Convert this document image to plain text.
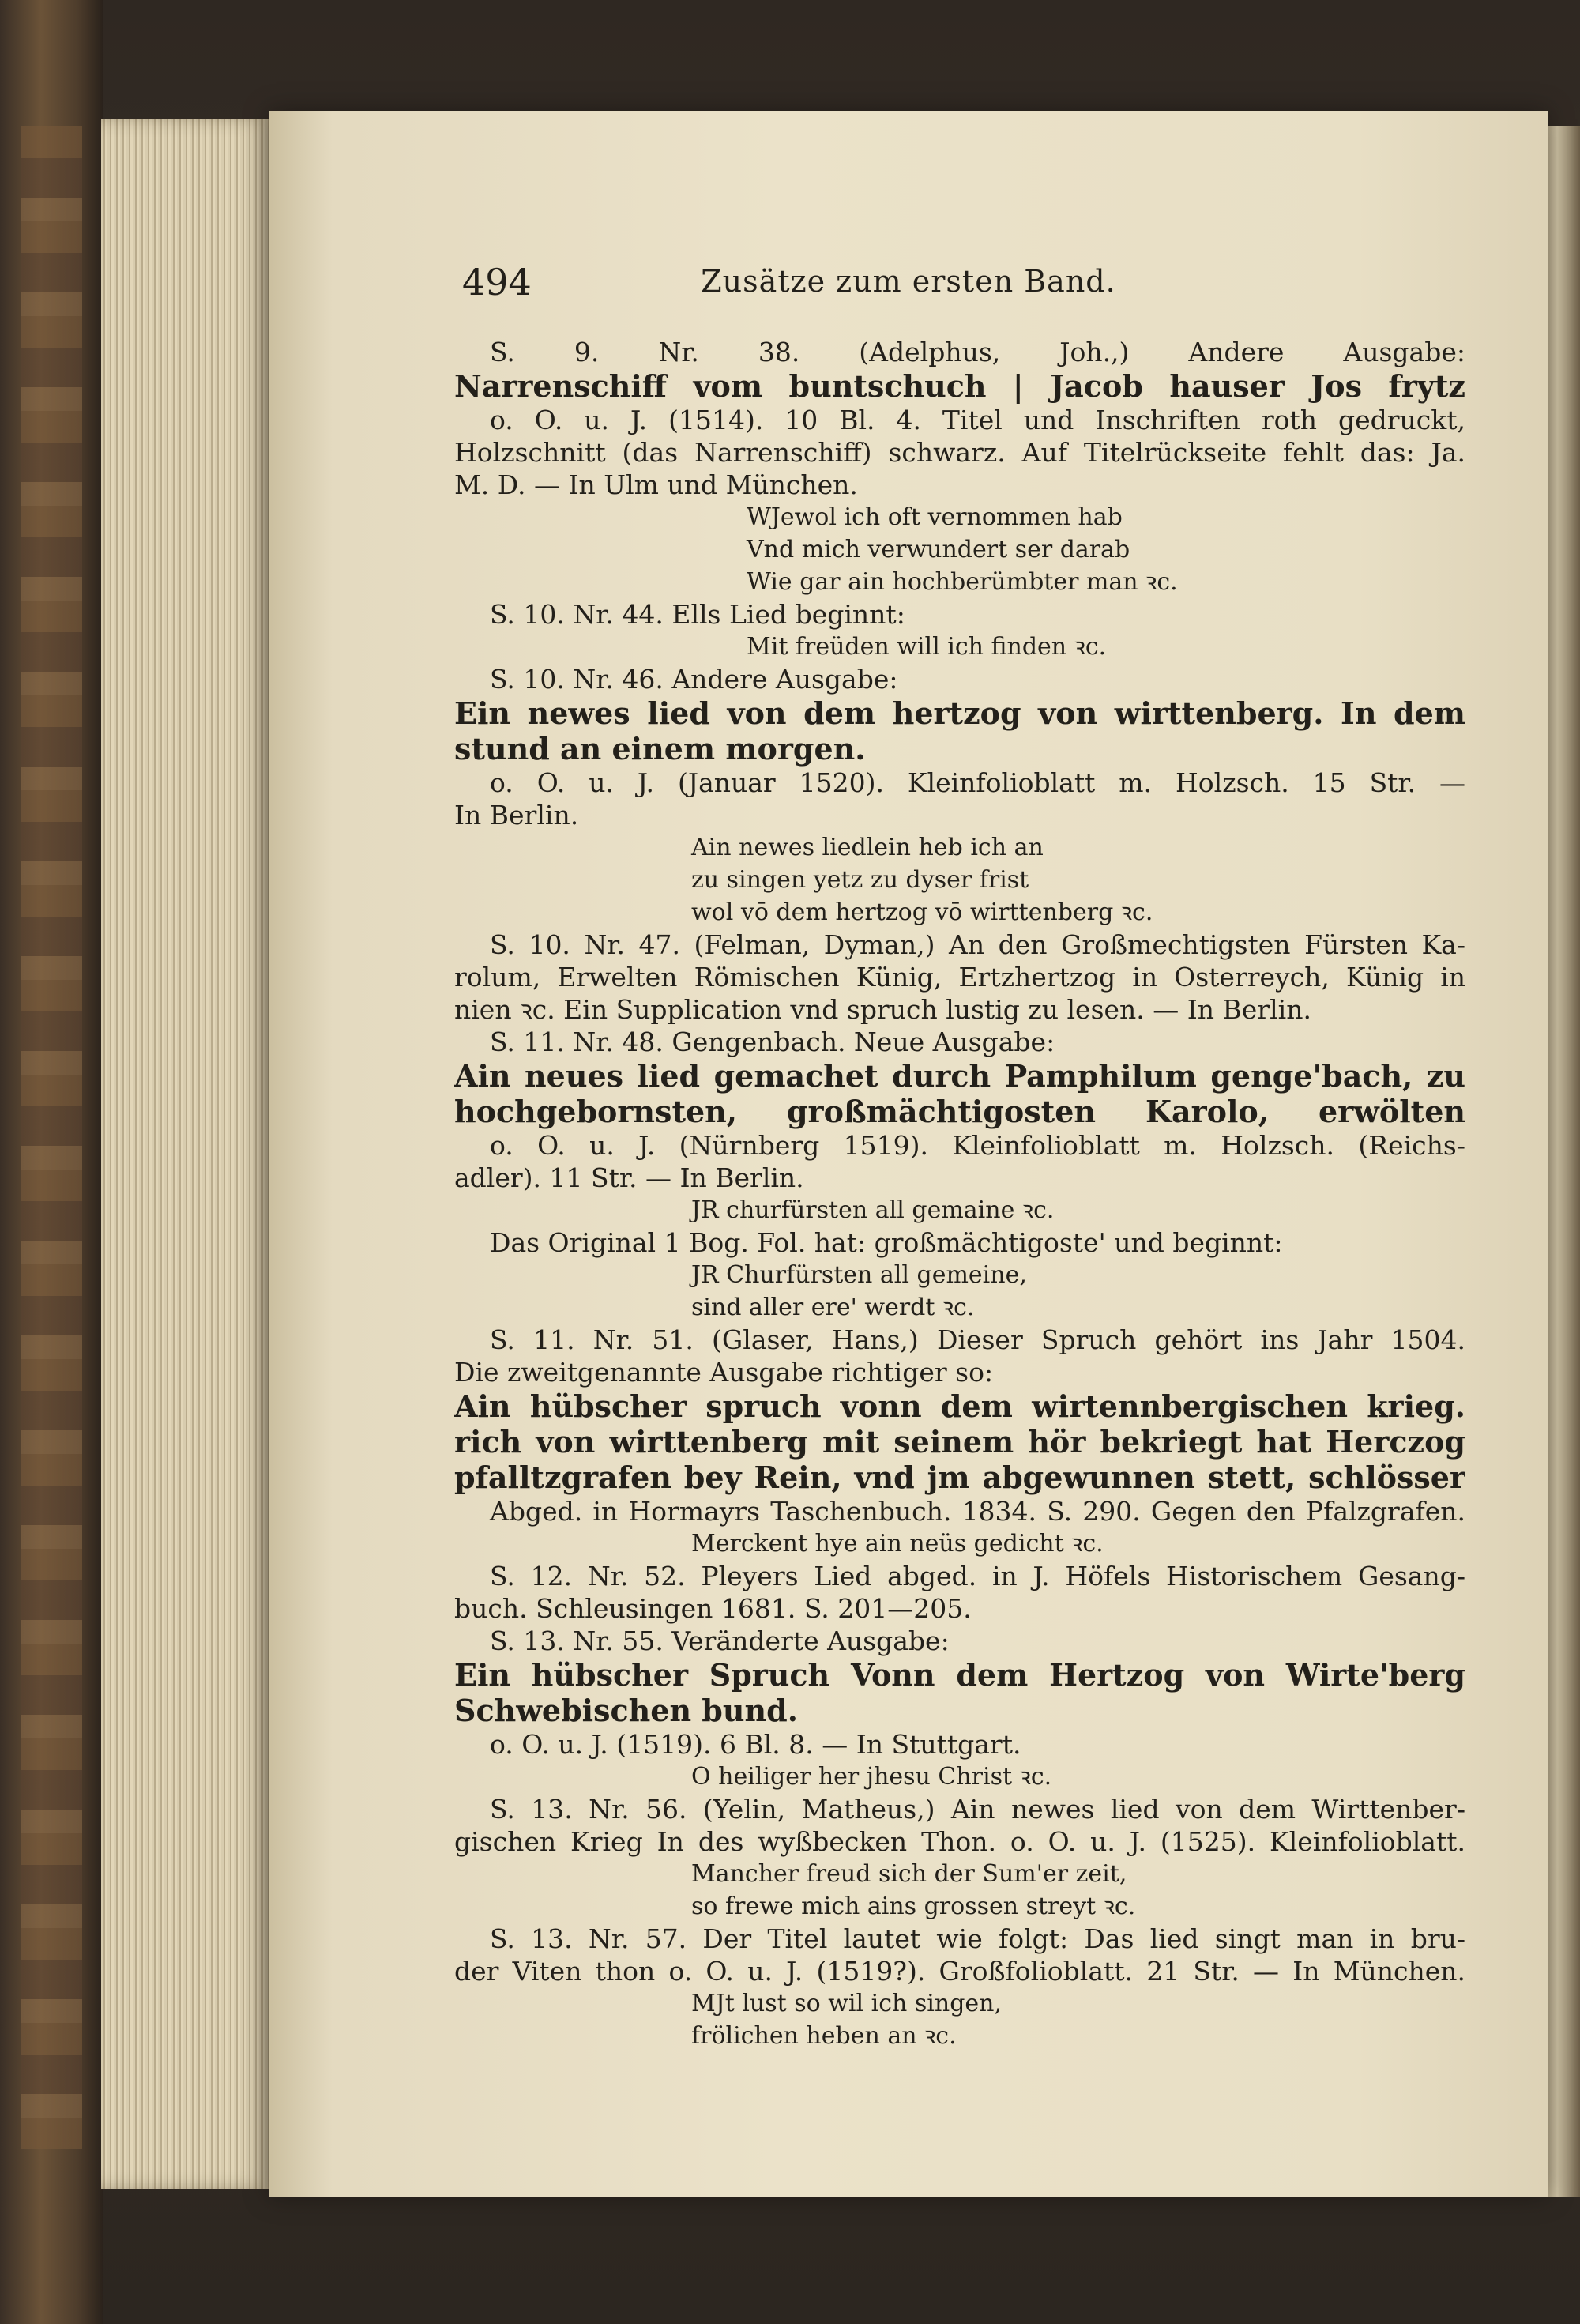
494	Zusätze zum ersten Band.

S. 9. Nr. 38. (Adelphus, Joh.,) Andere Ausgabe:

Narrenschiff vom buntschuch | Jacob hauser Jos frytz

o. O. u. J. (1514). 10 Bl. 4. Titel und Inschriften roth gedruckt,

Holzschnitt (das Narrenschiff) schwarz. Auf Titelrückseite fehlt das: Ja.

M. D. — In Ulm und München.

WJewol ich oft vernommen hab

Vnd mich verwundert ser darab

Wie gar ain hochberümbter man ꝛc.

S. 10. Nr. 44. Ells Lied beginnt:

Mit freüden will ich finden ꝛc.

S. 10. Nr. 46. Andere Ausgabe:

Ein newes lied von dem hertzog von wirttenberg. In dem

stund an einem morgen.

o. O. u. J. (Januar 1520). Kleinfolioblatt m. Holzsch. 15 Str. —

In Berlin.

Ain newes liedlein heb ich an

zu singen yetz zu dyser frist

wol vō dem hertzog vō wirttenberg ꝛc.

S. 10. Nr. 47. (Felman, Dyman,) An den Großmechtigsten Fürsten Ka-

rolum, Erwelten Römischen Künig, Ertzhertzog in Osterreych, Künig in

nien ꝛc. Ein Supplication vnd spruch lustig zu lesen. — In Berlin.

S. 11. Nr. 48. Gengenbach. Neue Ausgabe:

Ain neues lied gemachet durch Pamphilum genge'bach, zu

hochgebornsten, großmächtigosten Karolo, erwölten

o. O. u. J. (Nürnberg 1519). Kleinfolioblatt m. Holzsch. (Reichs-

adler). 11 Str. — In Berlin.

JR churfürsten all gemaine ꝛc.

Das Original 1 Bog. Fol. hat: großmächtigoste' und beginnt:

JR Churfürsten all gemeine,

sind aller ere' werdt ꝛc.

S. 11. Nr. 51. (Glaser, Hans,) Dieser Spruch gehört ins Jahr 1504.

Die zweitgenannte Ausgabe richtiger so:

Ain hübscher spruch vonn dem wirtennbergischen krieg.

rich von wirttenberg mit seinem hör bekriegt hat Herczog

pfalltzgrafen bey Rein, vnd jm abgewunnen stett, schlösser

Abged. in Hormayrs Taschenbuch. 1834. S. 290. Gegen den Pfalzgrafen.

Merckent hye ain neüs gedicht ꝛc.

S. 12. Nr. 52. Pleyers Lied abged. in J. Höfels Historischem Gesang-

buch. Schleusingen 1681. S. 201—205.

S. 13. Nr. 55. Veränderte Ausgabe:

Ein hübscher Spruch Vonn dem Hertzog von Wirte'berg

Schwebischen bund.

o. O. u. J. (1519). 6 Bl. 8. — In Stuttgart.

O heiliger her jhesu Christ ꝛc.

S. 13. Nr. 56. (Yelin, Matheus,) Ain newes lied von dem Wirttenber-

gischen Krieg In des wyßbecken Thon. o. O. u. J. (1525). Kleinfolioblatt.

Mancher freud sich der Sum'er zeit,

so frewe mich ains grossen streyt ꝛc.

S. 13. Nr. 57. Der Titel lautet wie folgt: Das lied singt man in bru-

der Viten thon o. O. u. J. (1519?). Großfolioblatt. 21 Str. — In München.

MJt lust so wil ich singen,

frölichen heben an ꝛc.
